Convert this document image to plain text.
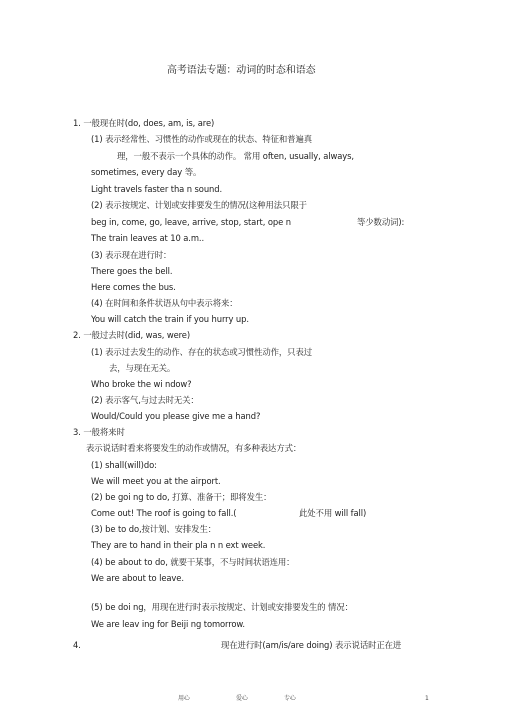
高考语法专题：动词的时态和语态
1. 一般现在时(do, does, am, is, are)
(1) 表示经常性、习惯性的动作或现在的状态、特征和普遍真
理，一般不表示一个具体的动作。 常用 often, usually, always,
sometimes, every day 等。
Light travels faster tha n sound.
(2) 表示按规定、计划或安排要发生的情况(这种用法只限于
beg in, come, go, leave, arrive, stop, start, ope n	等少数动词):
The train leaves at 10 a.m..
(3) 表示现在进行时：
There goes the bell.
Here comes the bus.
(4) 在时间和条件状语从句中表示将来：
You will catch the train if you hurry up.
2. 一般过去时(did, was, were)
(1) 表示过去发生的动作、存在的状态或习惯性动作，只表过
去，与现在无关。
Who broke the wi ndow?
(2) 表示客气,与过去时无关：
Would/Could you please give me a hand?
3. 一般将来时
表示说话时看来将要发生的动作或情况，有多种表达方式：
(1) shall(will)do:
We will meet you at the airport.
(2) be goi ng to do, 打算、准备干；即将发生：
Come out! The roof is going to fall.(	此处不用 will fall)
(3) be to do,按计划、安排发生：
They are to hand in their pla n n ext week.
(4) be about to do, 就要干某事，不与时间状语连用：
We are about to leave.
(5) be doi ng，用现在进行时表示按规定、计划或安排要发生的 情况：
We are leav ing for Beiji ng tomorrow.
4.	现在进行时(am/is/are doing) 表示说话时正在进
用心	爱心	专心	1
